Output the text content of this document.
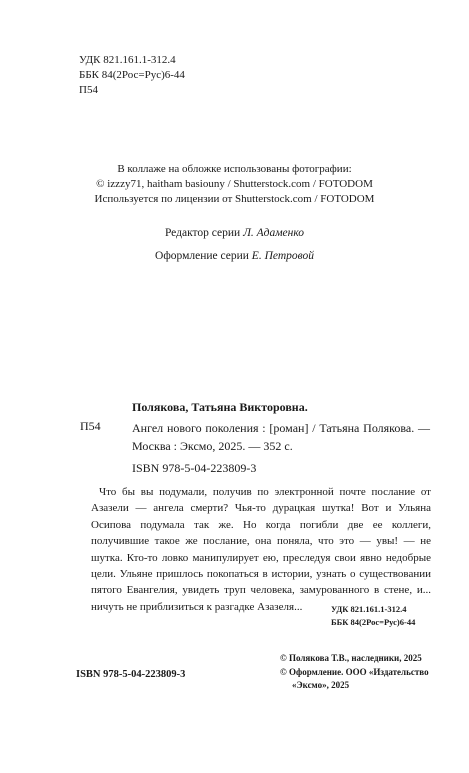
УДК 821.161.1-312.4
ББК 84(2Рос=Рус)6-44
П54
В коллаже на обложке использованы фотографии:
© izzzy71, haitham basiouny / Shutterstock.com / FOTODOM
Используется по лицензии от Shutterstock.com / FOTODOM
Редактор серии Л. Адаменко
Оформление серии Е. Петровой
Полякова, Татьяна Викторовна.
П54	Ангел нового поколения : [роман] / Татьяна Полякова. — Москва : Эксмо, 2025. — 352 с.
ISBN 978-5-04-223809-3
Что бы вы подумали, получив по электронной почте послание от Азазели — ангела смерти? Чья-то дурацкая шутка! Вот и Ульяна Осипова подумала так же. Но когда погибли две ее коллеги, получившие такое же послание, она поняла, что это — увы! — не шутка. Кто-то ловко манипулирует ею, преследуя свои явно недобрые цели. Ульяне пришлось покопаться в истории, узнать о существовании пятого Евангелия, увидеть труп человека, замурованного в стене, и... ничуть не приблизиться к разгадке Азазеля...	УДК 821.161.1-312.4
ББК 84(2Рос=Рус)6-44
© Полякова Т.В., наследники, 2025
© Оформление. ООО «Издательство
«Эксмо», 2025
ISBN 978-5-04-223809-3
